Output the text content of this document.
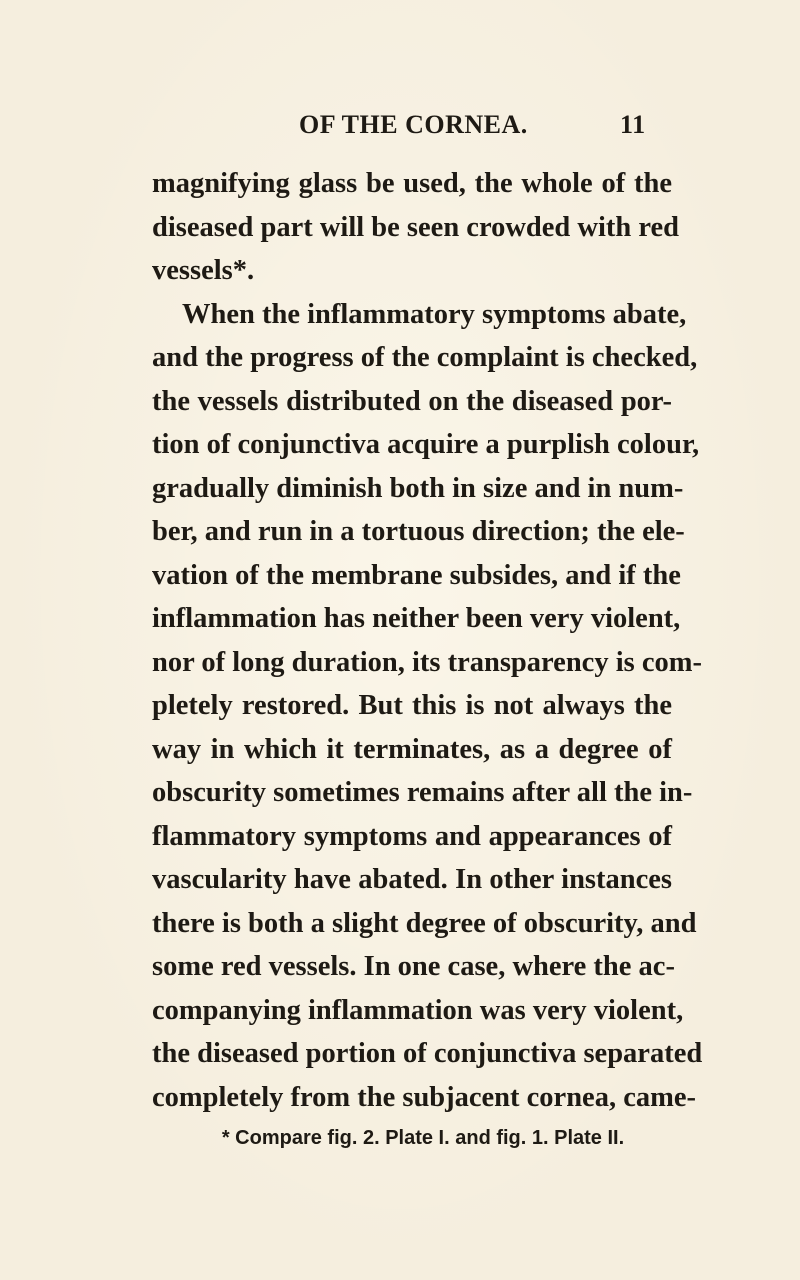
OF THE CORNEA.	11
magnifying glass be used, the whole of the
diseased part will be seen crowded with red
vessels*.
When the inflammatory symptoms abate,
and the progress of the complaint is checked,
the vessels distributed on the diseased por-
tion of conjunctiva acquire a purplish colour,
gradually diminish both in size and in num-
ber, and run in a tortuous direction; the ele-
vation of the membrane subsides, and if the
inflammation has neither been very violent,
nor of long duration, its transparency is com-
pletely restored. But this is not always the
way in which it terminates, as a degree of
obscurity sometimes remains after all the in-
flammatory symptoms and appearances of
vascularity have abated. In other instances
there is both a slight degree of obscurity, and
some red vessels. In one case, where the ac-
companying inflammation was very violent,
the diseased portion of conjunctiva separated
completely from the subjacent cornea, came-
* Compare fig. 2. Plate I. and fig. 1. Plate II.
